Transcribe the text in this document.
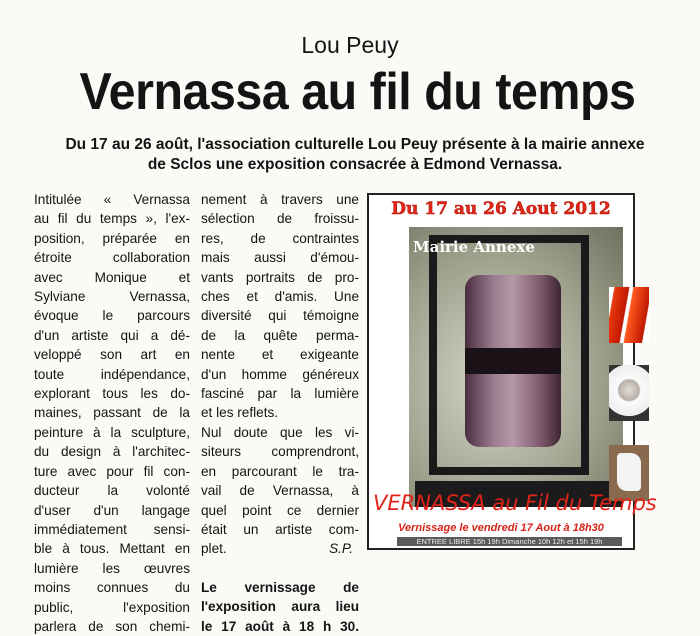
Lou Peuy
Vernassa au fil du temps
Du 17 au 26 août, l'association culturelle Lou Peuy présente à la mairie annexe de Sclos une exposition consacrée à Edmond Vernassa.
Intitulée « Vernassa
au fil du temps », l'ex-
position, préparée en
étroite collaboration
avec Monique et
Sylviane Vernassa,
évoque le parcours
d'un artiste qui a dé-
veloppé son art en
toute indépendance,
explorant tous les do-
maines, passant de la
peinture à la sculpture,
du design à l'architec-
ture avec pour fil con-
ducteur la volonté
d'user d'un langage
immédiatement sensi-
ble à tous. Mettant en
lumière les œuvres
moins connues du
public, l'exposition
parlera de son chemi-
nement à travers une
sélection de froissu-
res, de contraintes
mais aussi d'émou-
vants portraits de pro-
ches et d'amis. Une
diversité qui témoigne
de la quête perma-
nente et exigeante
d'un homme généreux
fasciné par la lumière
et les reflets.
Nul doute que les vi-
siteurs comprendront,
en parcourant le tra-
vail de Vernassa, à
quel point ce dernier
était un artiste com-
plet.	S.P.
Le vernissage de
l'exposition aura lieu
le 17 août à 18 h 30.
Du 17 au 26 Aout 2012
Mairie Annexe
VERNASSA au Fil du Temps
Vernissage le vendredi 17 Aout à 18h30
ENTREE LIBRE 15h 19h Dimanche 10h 12h et 15h 19h
